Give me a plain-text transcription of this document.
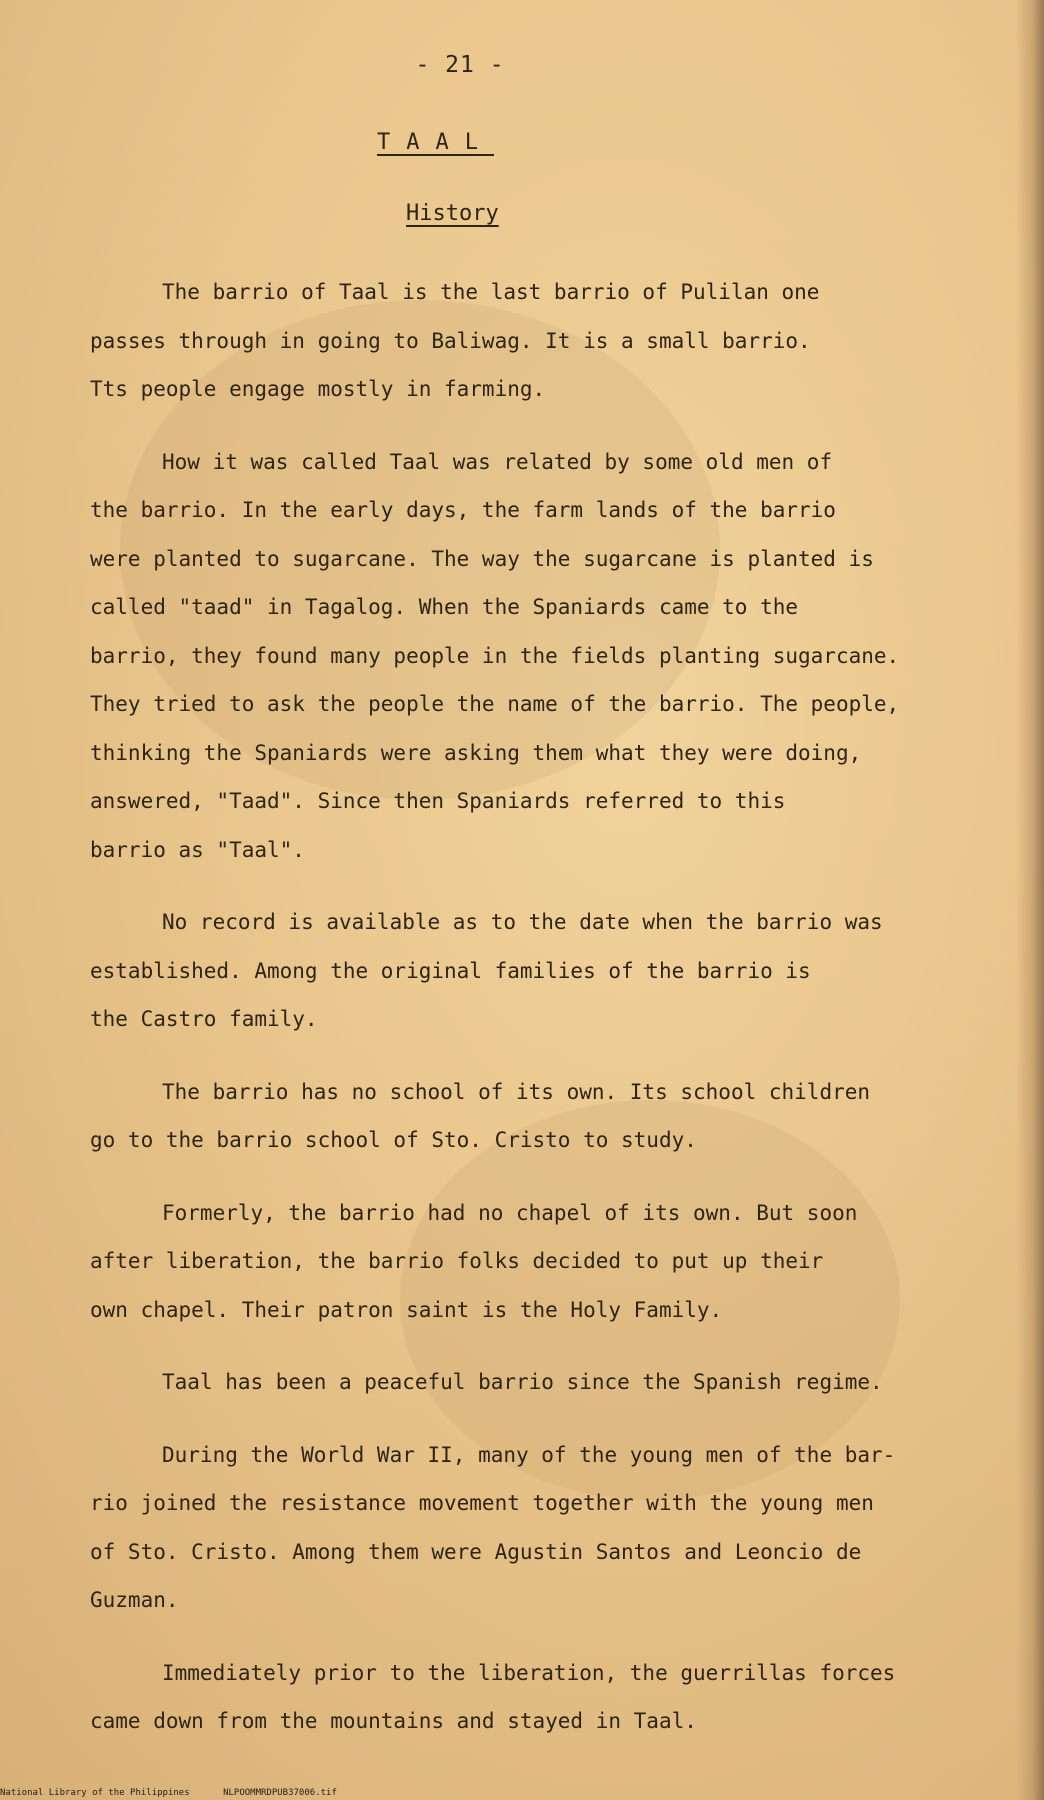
- 21 -
TAAL
History
The barrio of Taal is the last barrio of Pulilan one
passes through in going to Baliwag. It is a small barrio.
Tts people engage mostly in farming.
How it was called Taal was related by some old men of
the barrio. In the early days, the farm lands of the barrio
were planted to sugarcane. The way the sugarcane is planted is
called "taad" in Tagalog. When the Spaniards came to the
barrio, they found many people in the fields planting sugarcane.
They tried to ask the people the name of the barrio. The people,
thinking the Spaniards were asking them what they were doing,
answered, "Taad". Since then Spaniards referred to this
barrio as "Taal".
No record is available as to the date when the barrio was
established. Among the original families of the barrio is
the Castro family.
The barrio has no school of its own. Its school children
go to the barrio school of Sto. Cristo to study.
Formerly, the barrio had no chapel of its own. But soon
after liberation, the barrio folks decided to put up their
own chapel. Their patron saint is the Holy Family.
Taal has been a peaceful barrio since the Spanish regime.
During the World War II, many of the young men of the bar-
rio joined the resistance movement together with the young men
of Sto. Cristo. Among them were Agustin Santos and Leoncio de
Guzman.
Immediately prior to the liberation, the guerrillas forces
came down from the mountains and stayed in Taal.
National Library of the Philippines	NLPOOMMRDPUB37006.tif
